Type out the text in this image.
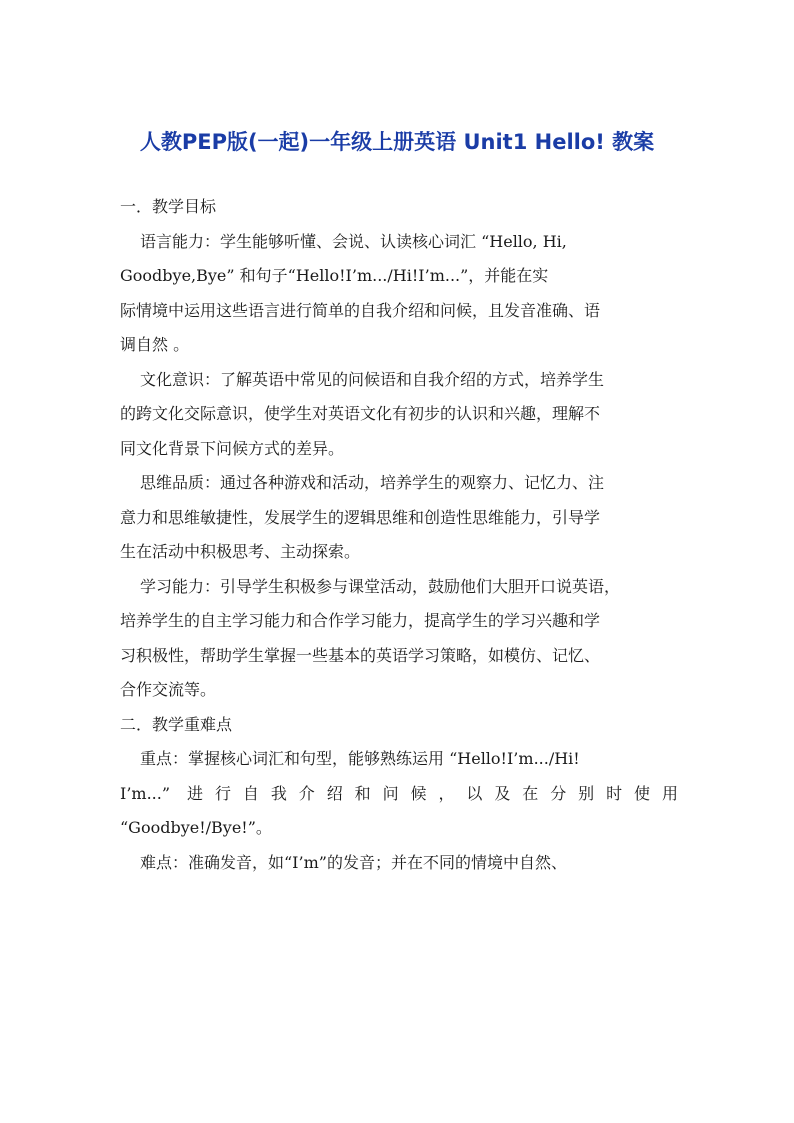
人教PEP版(一起)一年级上册英语 Unit1 Hello! 教案
一．教学目标
语言能力：学生能够听懂、会说、认读核心词汇 “Hello, Hi,
Goodbye,Bye” 和句子“Hello!I’m.../Hi!I’m...”，并能在实
际情境中运用这些语言进行简单的自我介绍和问候，且发音准确、语
调自然 。
文化意识：了解英语中常见的问候语和自我介绍的方式，培养学生
的跨文化交际意识，使学生对英语文化有初步的认识和兴趣，理解不
同文化背景下问候方式的差异。
思维品质：通过各种游戏和活动，培养学生的观察力、记忆力、注
意力和思维敏捷性，发展学生的逻辑思维和创造性思维能力，引导学
生在活动中积极思考、主动探索。
学习能力：引导学生积极参与课堂活动，鼓励他们大胆开口说英语，
培养学生的自主学习能力和合作学习能力，提高学生的学习兴趣和学
习积极性，帮助学生掌握一些基本的英语学习策略，如模仿、记忆、
合作交流等。
二．教学重难点
重点：掌握核心词汇和句型，能够熟练运用 “Hello!I’m.../Hi!
I’m...” 进行自我介绍和问候，以及在分别时使用
“Goodbye!/Bye!”。
难点：准确发音，如“I’m”的发音；并在不同的情境中自然、
